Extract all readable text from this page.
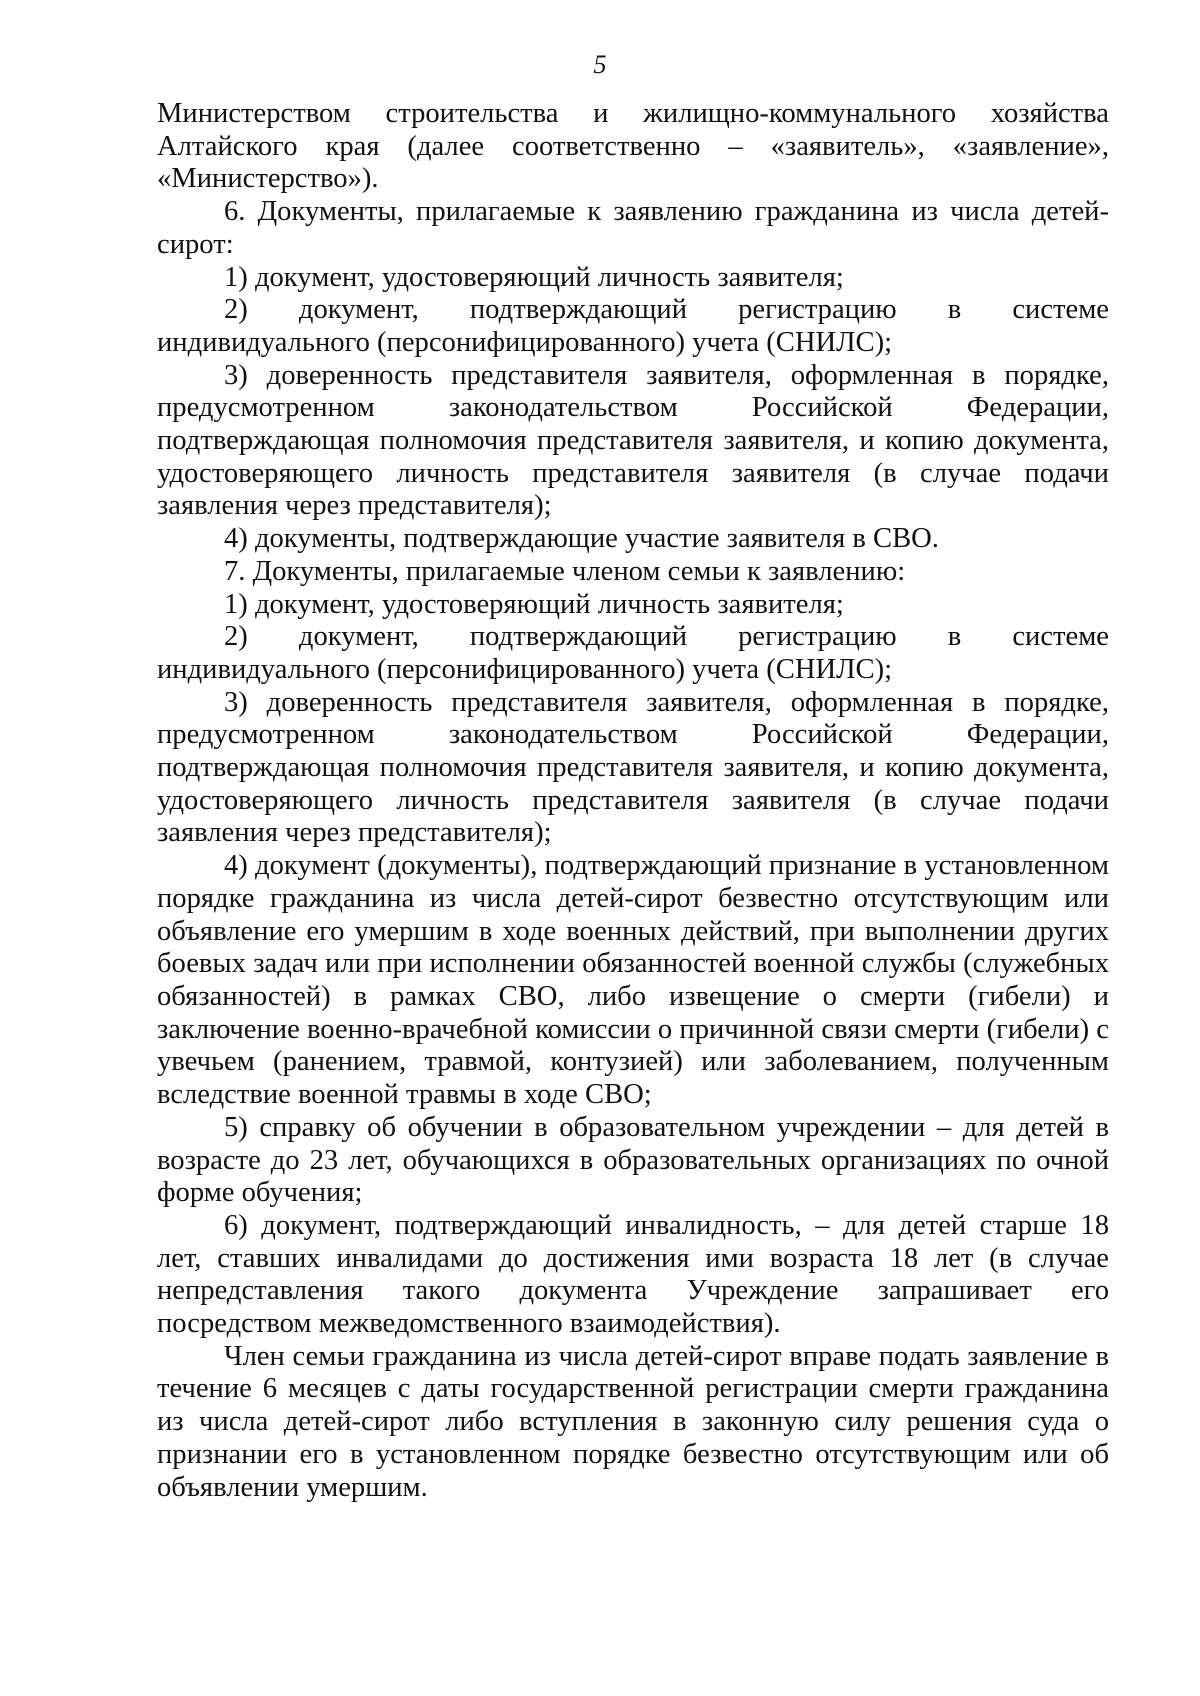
5

Министерством строительства и жилищно-коммунального хозяйства Алтайского края (далее соответственно – «заявитель», «заявление», «Министерство»).

6. Документы, прилагаемые к заявлению гражданина из числа детей-сирот:

1) документ, удостоверяющий личность заявителя;

2) документ, подтверждающий регистрацию в системе индивидуального (персонифицированного) учета (СНИЛС);

3) доверенность представителя заявителя, оформленная в порядке, предусмотренном законодательством Российской Федерации, подтверждающая полномочия представителя заявителя, и копию документа, удостоверяющего личность представителя заявителя (в случае подачи заявления через представителя);

4) документы, подтверждающие участие заявителя в СВО.

7. Документы, прилагаемые членом семьи к заявлению:

1) документ, удостоверяющий личность заявителя;

2) документ, подтверждающий регистрацию в системе индивидуального (персонифицированного) учета (СНИЛС);

3) доверенность представителя заявителя, оформленная в порядке, предусмотренном законодательством Российской Федерации, подтверждающая полномочия представителя заявителя, и копию документа, удостоверяющего личность представителя заявителя (в случае подачи заявления через представителя);

4) документ (документы), подтверждающий признание в установленном порядке гражданина из числа детей-сирот безвестно отсутствующим или объявление его умершим в ходе военных действий, при выполнении других боевых задач или при исполнении обязанностей военной службы (служебных обязанностей) в рамках СВО, либо извещение о смерти (гибели) и заключение военно-врачебной комиссии о причинной связи смерти (гибели) с увечьем (ранением, травмой, контузией) или заболеванием, полученным вследствие военной травмы в ходе СВО;

5) справку об обучении в образовательном учреждении – для детей в возрасте до 23 лет, обучающихся в образовательных организациях по очной форме обучения;

6) документ, подтверждающий инвалидность, – для детей старше 18 лет, ставших инвалидами до достижения ими возраста 18 лет (в случае непредставления такого документа Учреждение запрашивает его посредством межведомственного взаимодействия).

Член семьи гражданина из числа детей-сирот вправе подать заявление в течение 6 месяцев с даты государственной регистрации смерти гражданина из числа детей-сирот либо вступления в законную силу решения суда о признании его в установленном порядке безвестно отсутствующим или об объявлении умершим.
